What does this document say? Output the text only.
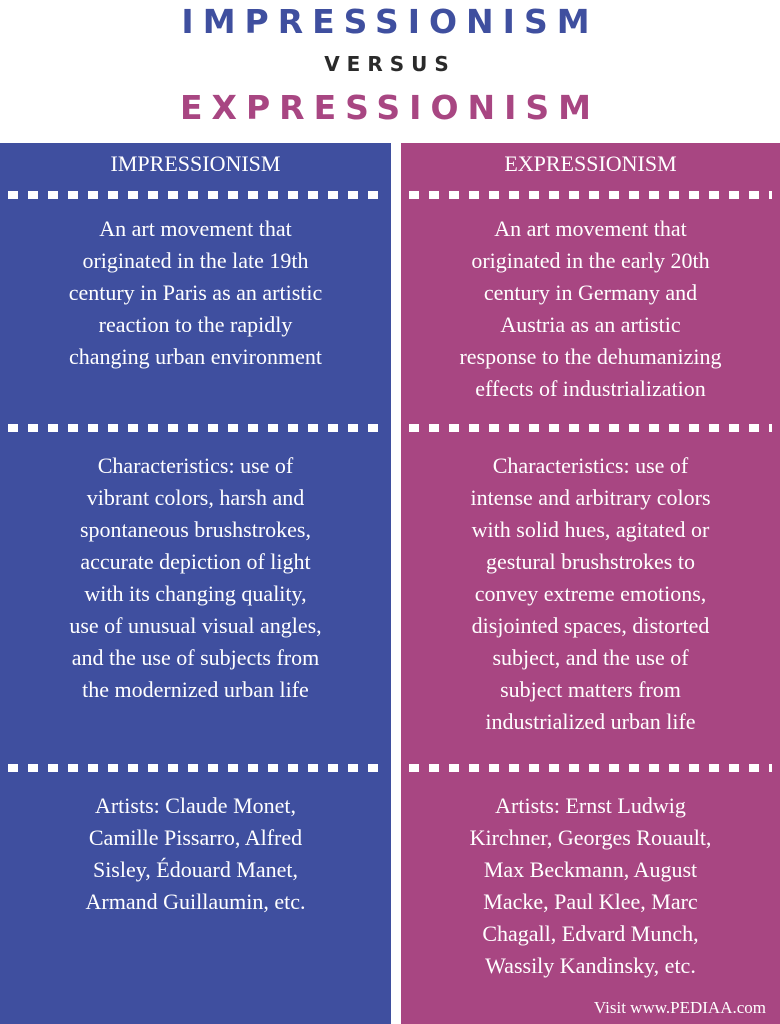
IMPRESSIONISM
VERSUS
EXPRESSIONISM
IMPRESSIONISM
An art movement that
originated in the late 19th
century in Paris as an artistic
reaction to the rapidly
changing urban environment
Characteristics: use of
vibrant colors, harsh and
spontaneous brushstrokes,
accurate depiction of light
with its changing quality,
use of unusual visual angles,
and the use of subjects from
the modernized urban life
Artists: Claude Monet,
Camille Pissarro, Alfred
Sisley, Édouard Manet,
Armand Guillaumin, etc.
EXPRESSIONISM
An art movement that
originated in the early 20th
century in Germany and
Austria as an artistic
response to the dehumanizing
effects of industrialization
Characteristics: use of
intense and arbitrary colors
with solid hues, agitated or
gestural brushstrokes to
convey extreme emotions,
disjointed spaces, distorted
subject, and the use of
subject matters from
industrialized urban life
Artists: Ernst Ludwig
Kirchner, Georges Rouault,
Max Beckmann, August
Macke, Paul Klee, Marc
Chagall, Edvard Munch,
Wassily Kandinsky, etc.
Visit www.PEDIAA.com
